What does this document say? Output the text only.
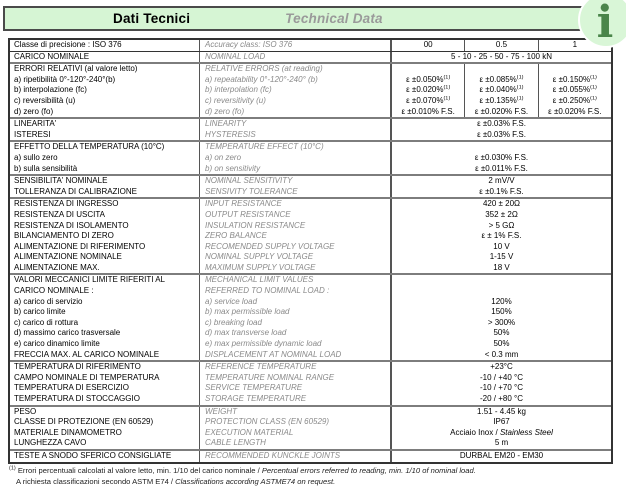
Dati Tecnici	Technical Data	i
Classe di precisione : ISO 376	Accuracy class: ISO 376	00	0.5	1
CARICO NOMINALE	NOMINAL LOAD	5 - 10 - 25 - 50 - 75 - 100 kN
ERRORI RELATIVI (al valore letto)	RELATIVE ERRORS (at reading)
a) ripetibilità 0°-120°-240°(b)	a) repeatability 0°-120°-240° (b)	ε ±0.050%$^{(1)}$	ε ±0.085%$^{(1)}$	ε ±0.150%$^{(1)}$
b) interpolazione (fc)	b) interpolation (fc)	ε ±0.020%$^{(1)}$	ε ±0.040%$^{(1)}$	ε ±0.055%$^{(1)}$
c) reversibilità (u)	c) reversitivity (u)	ε ±0.070%$^{(1)}$	ε ±0.135%$^{(1)}$	ε ±0.250%$^{(1)}$
d) zero (fo)	d) zero (fo)	ε ±0.010% F.S.	ε ±0.020% F.S.	ε ±0.020% F.S.
LINEARITA'	LINEARITY	ε ±0.03% F.S.
ISTERESI	HYSTERESIS	ε ±0.03% F.S.
EFFETTO DELLA TEMPERATURA (10°C)	TEMPERATURE EFFECT (10°C)
a) sullo zero	a) on zero	ε ±0.030% F.S.
b) sulla sensibilità	b) on sensitivity	ε ±0.011% F.S.
SENSIBILITA' NOMINALE	NOMINAL SENSITIVITY	2 mV/V
TOLLERANZA DI CALIBRAZIONE	SENSIVITY TOLERANCE	ε ±0.1% F.S.
RESISTENZA DI INGRESSO	INPUT RESISTANCE	420 ± 20Ω
RESISTENZA DI USCITA	OUTPUT RESISTANCE	352 ± 2Ω
RESISTENZA DI ISOLAMENTO	INSULATION RESISTANCE	> 5 GΩ
BILANCIAMENTO DI ZERO	ZERO BALANCE	ε ± 1% F.S.
ALIMENTAZIONE DI RIFERIMENTO	RECOMENDED SUPPLY VOLTAGE	10 V
ALIMENTAZIONE NOMINALE	NOMINAL SUPPLY VOLTAGE	1-15 V
ALIMENTAZIONE MAX.	MAXIMUM SUPPLY VOLTAGE	18 V
VALORI MECCANICI LIMITE RIFERITI AL	MECHANICAL LIMIT VALUES
CARICO NOMINALE :	REFERRED TO NOMINAL LOAD :
a) carico di servizio	a) service load	120%
b) carico limite	b) max permissible load	150%
c) carico di rottura	c) breaking load	> 300%
d) massimo carico trasversale	d) max transverse load	50%
e) carico dinamico limite	e) max permissible dynamic load	50%
FRECCIA MAX. AL CARICO NOMINALE	DISPLACEMENT AT NOMINAL LOAD	< 0.3 mm
TEMPERATURA DI RIFERIMENTO	REFERENCE TEMPERATURE	+23°C
CAMPO NOMINALE DI TEMPERATURA	TEMPERATURE NOMINAL RANGE	-10 / +40 °C
TEMPERATURA DI ESERCIZIO	SERVICE TEMPERATURE	-10 / +70 °C
TEMPERATURA DI STOCCAGGIO	STORAGE TEMPERATURE	-20 / +80 °C
PESO	WEIGHT	1.51 - 4.45 kg
CLASSE DI PROTEZIONE (EN 60529)	PROTECTION CLASS (EN 60529)	IP67
MATERIALE DINAMOMETRO	EXECUTION MATERIAL	Acciaio Inox / Stainless Steel
LUNGHEZZA CAVO	CABLE LENGTH	5 m
TESTE A SNODO SFERICO CONSIGLIATE	RECOMMENDED KUNCKLE JOINTS	DURBAL EM20 - EM30
$^{(1)}$ Errori percentuali calcolati al valore letto, min. 1/10 del carico nominale / Percentual errors referred to reading, min. 1/10 of nominal load.
A richiesta classificazioni secondo ASTM E74 / Classifications according ASTME74 on request.
